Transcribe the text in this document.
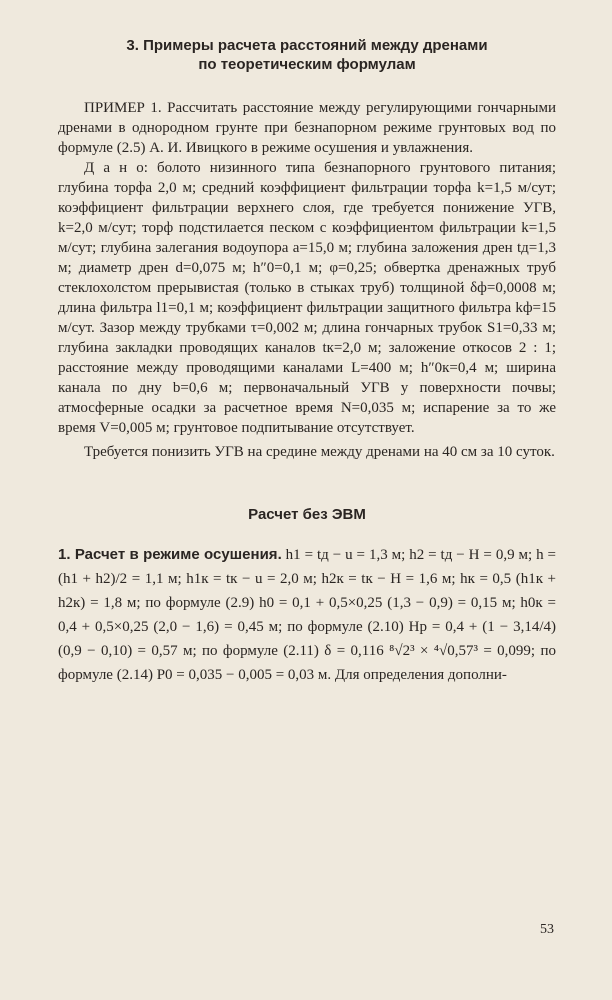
3. Примеры расчета расстояний между дренами
по теоретическим формулам

ПРИМЕР 1. Рассчитать расстояние между регулирующими гончарными дренами в однородном грунте при безнапорном режиме грунтовых вод по формуле (2.5) А. И. Ивицкого в режиме осушения и увлажнения.

Д а н о: болото низинного типа безнапорного грунтового питания; глубина торфа 2,0 м; средний коэффициент фильтрации торфа k=1,5 м/сут; коэффициент фильтрации верхнего слоя, где требуется понижение УГВ, k=2,0 м/сут; торф подстилается песком с коэффициентом фильтрации k=1,5 м/сут; глубина залегания водоупора a=15,0 м; глубина заложения дрен tд=1,3 м; диаметр дрен d=0,075 м; h″0=0,1 м; φ=0,25; обвертка дренажных труб стеклохолстом прерывистая (только в стыках труб) толщиной δф=0,0008 м; длина фильтра l1=0,1 м; коэффициент фильтрации защитного фильтра kф=15 м/сут. Зазор между трубками τ=0,002 м; длина гончарных трубок S1=0,33 м; глубина закладки проводящих каналов tк=2,0 м; заложение откосов 2 : 1; расстояние между проводящими каналами L=400 м; h″0к=0,4 м; ширина канала по дну b=0,6 м; первоначальный УГВ у поверхности почвы; атмосферные осадки за расчетное время N=0,035 м; испарение за то же время V=0,005 м; грунтовое подпитывание отсутствует.

Требуется понизить УГВ на средине между дренами на 40 см за 10 суток.

Расчет без ЭВМ

1. Расчет в режиме осушения. h1 = tд − u = 1,3 м; h2 = tд − H = 0,9 м; h = (h1 + h2)/2 = 1,1 м; h1к = tк − u = 2,0 м; h2к = tк − H = 1,6 м; hк = 0,5 (h1к + h2к) = 1,8 м; по формуле (2.9) h0 = 0,1 + 0,5×0,25 (1,3 − 0,9) = 0,15 м; h0к = 0,4 + 0,5×0,25 (2,0 − 1,6) = 0,45 м; по формуле (2.10) Hр = 0,4 + (1 − 3,14/4) (0,9 − 0,10) = 0,57 м; по формуле (2.11) δ = 0,116 ⁸√2³ × ⁴√0,57³ = 0,099; по формуле (2.14) P0 = 0,035 − 0,005 = 0,03 м. Для определения дополни-

53
